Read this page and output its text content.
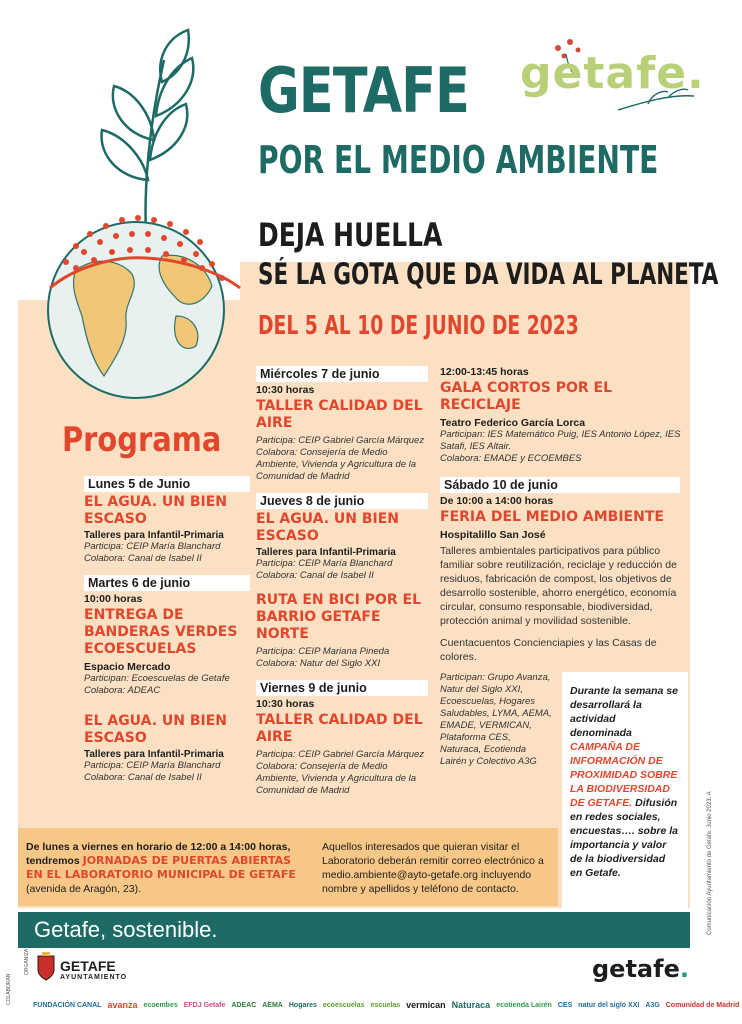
getafe.
GETAFE
POR EL MEDIO AMBIENTE
DEJA HUELLA
SÉ LA GOTA QUE DA VIDA AL PLANETA
DEL 5 AL 10 DE JUNIO DE 2023
Programa
Lunes 5 de Junio
EL AGUA. UN BIEN ESCASO
Talleres para Infantil-Primaria
Participa: CEIP María Blanchard
Colabora: Canal de Isabel II
Martes 6 de junio
10:00 horas
ENTREGA DE BANDERAS VERDES ECOESCUELAS
Espacio Mercado
Participan: Ecoescuelas de Getafe
Colabora: ADEAC
EL AGUA. UN BIEN ESCASO
Talleres para Infantil-Primaria
Participa: CEIP María Blanchard
Colabora: Canal de Isabel II
Miércoles 7 de junio
10:30 horas
TALLER CALIDAD DEL AIRE
Participa: CEIP Gabriel García Márquez Colabora: Consejería de Medio Ambiente, Vivienda y Agricultura de la Comunidad de Madrid
Jueves 8 de junio
EL AGUA. UN BIEN ESCASO
Talleres para Infantil-Primaria
Participa: CEIP María Blanchard
Colabora: Canal de Isabel II
RUTA EN BICI POR EL BARRIO GETAFE NORTE
Participa: CEIP Mariana Pineda
Colabora: Natur del Siglo XXI
Viernes 9 de junio
10:30 horas
TALLER CALIDAD DEL AIRE
Participa: CEIP Gabriel García Márquez Colabora: Consejería de Medio Ambiente, Vivienda y Agricultura de la Comunidad de Madrid
12:00-13:45 horas
GALA CORTOS POR EL RECICLAJE
Teatro Federico García Lorca
Participan: IES Matemático Puig, IES Antonio López, IES Satafi, IES Altair.
Colabora: EMADE y ECOEMBES
Sábado 10 de junio
De 10:00 a 14:00 horas
FERIA DEL MEDIO AMBIENTE
Hospitalillo San José
Talleres ambientales participativos para público familiar sobre reutilización, reciclaje y reducción de residuos, fabricación de compost, los objetivos de desarrollo sostenible, ahorro energético, economía circular, consumo responsable, biodiversidad, protección animal y movilidad sostenible.
Cuentacuentos Concienciapies y las Casas de colores.
Participan: Grupo Avanza, Natur del Siglo XXI, Ecoescuelas, Hogares Saludables, LYMA, AEMA, EMADE, VERMICAN, Plataforma CES, Naturaca, Ecotienda Lairén y Colectivo A3G
Durante la semana se desarrollará la actividad denominada CAMPAÑA DE INFORMACIÓN DE PROXIMIDAD SOBRE LA BIODIVERSIDAD DE GETAFE. Difusión en redes sociales, encuestas…. sobre la importancia y valor de la biodiversidad en Getafe.
De lunes a viernes en horario de 12:00 a 14:00 horas, tendremos JORNADAS DE PUERTAS ABIERTAS EN EL LABORATORIO MUNICIPAL DE GETAFE (avenida de Aragón, 23).
Aquellos interesados que quieran visitar el Laboratorio deberán remitir correo electrónico a medio.ambiente@ayto-getafe.org incluyendo nombre y apellidos y teléfono de contacto.
Getafe, sostenible.	Comunicación Ayuntamiento de Getafe. Junio 2023. A
COLABORAN
ORGANIZA GETAFE
AYUNTAMIENTO	getafe.
FUNDACIÓN CANAL avanza ecoembes EFDJ Getafe ADEAC AEMA Hogares ecoescuelas escuelas vermican Naturaca ecotienda Lairén CES natur del siglo XXI A3G Comunidad de Madrid
